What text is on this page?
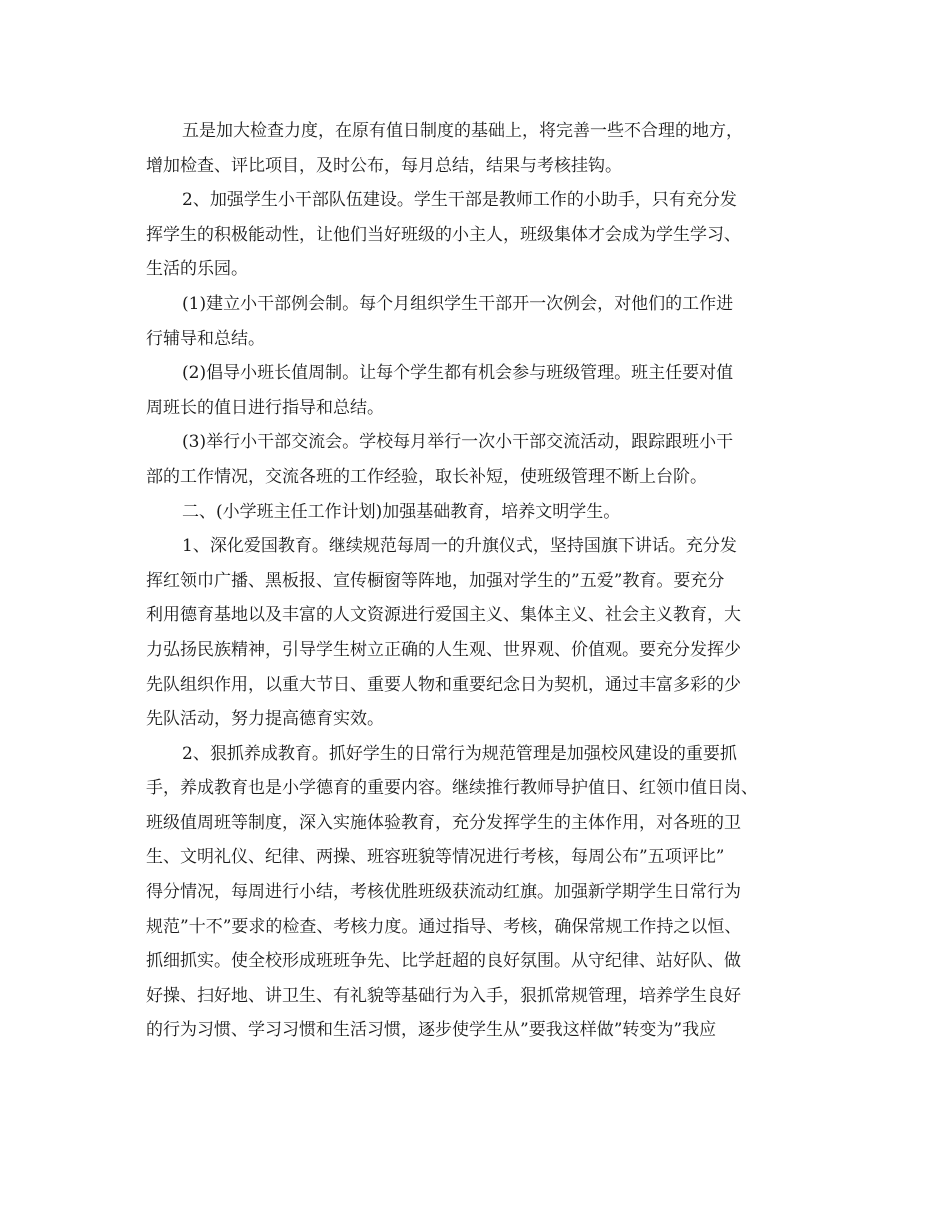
五是加大检查力度，在原有值日制度的基础上，将完善一些不合理的地方，
增加检查、评比项目，及时公布，每月总结，结果与考核挂钩。
2、加强学生小干部队伍建设。学生干部是教师工作的小助手，只有充分发
挥学生的积极能动性，让他们当好班级的小主人，班级集体才会成为学生学习、
生活的乐园。
(1)建立小干部例会制。每个月组织学生干部开一次例会，对他们的工作进
行辅导和总结。
(2)倡导小班长值周制。让每个学生都有机会参与班级管理。班主任要对值
周班长的值日进行指导和总结。
(3)举行小干部交流会。学校每月举行一次小干部交流活动，跟踪跟班小干
部的工作情况，交流各班的工作经验，取长补短，使班级管理不断上台阶。
二、(小学班主任工作计划)加强基础教育，培养文明学生。
1、深化爱国教育。继续规范每周一的升旗仪式，坚持国旗下讲话。充分发
挥红领巾广播、黑板报、宣传橱窗等阵地，加强对学生的”五爱”教育。要充分
利用德育基地以及丰富的人文资源进行爱国主义、集体主义、社会主义教育，大
力弘扬民族精神，引导学生树立正确的人生观、世界观、价值观。要充分发挥少
先队组织作用，以重大节日、重要人物和重要纪念日为契机，通过丰富多彩的少
先队活动，努力提高德育实效。
2、狠抓养成教育。抓好学生的日常行为规范管理是加强校风建设的重要抓
手，养成教育也是小学德育的重要内容。继续推行教师导护值日、红领巾值日岗、
班级值周班等制度，深入实施体验教育，充分发挥学生的主体作用，对各班的卫
生、文明礼仪、纪律、两操、班容班貌等情况进行考核，每周公布”五项评比”
得分情况，每周进行小结，考核优胜班级获流动红旗。加强新学期学生日常行为
规范”十不”要求的检查、考核力度。通过指导、考核，确保常规工作持之以恒、
抓细抓实。使全校形成班班争先、比学赶超的良好氛围。从守纪律、站好队、做
好操、扫好地、讲卫生、有礼貌等基础行为入手，狠抓常规管理，培养学生良好
的行为习惯、学习习惯和生活习惯，逐步使学生从”要我这样做”转变为”我应
